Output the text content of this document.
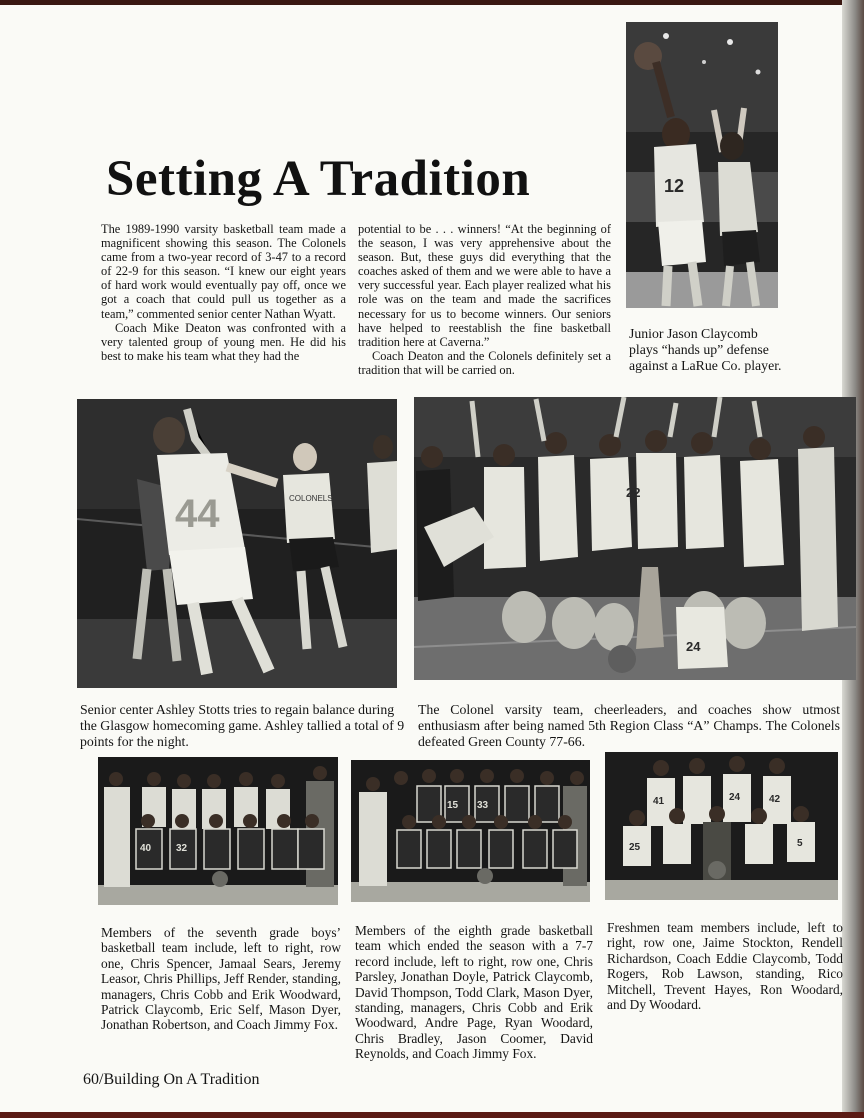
12
Setting A Tradition

The 1989-1990 varsity basketball team made a magnificent showing this season. The Colonels came from a two-year record of 3-47 to a record of 22-9 for this season. “I knew our eight years of hard work would eventually pay off, once we got a coach that could pull us together as a team,” commented senior center Nathan Wyatt.

Coach Mike Deaton was confronted with a very talented group of young men. He did his best to make his team what they had the

potential to be . . . winners! “At the beginning of the season, I was very apprehensive about the season. But, these guys did everything that the coaches asked of them and we were able to have a very successful year. Each player realized what his role was on the team and made the sacrifices necessary for us to become winners. Our seniors have helped to reestablish the fine basketball tradition here at Caverna.”

Coach Deaton and the Colonels definitely set a tradition that will be carried on.

Junior Jason Claycomb plays “hands up” defense against a LaRue Co. player.

44	COLONELS	22
24

Senior center Ashley Stotts tries to regain balance during the Glasgow homecoming game. Ashley tallied a total of 9 points for the night.

The Colonel varsity team, cheerleaders, and coaches show utmost enthusiasm after being named 5th Region Class “A” Champs. The Colonels defeated Green County 77-66.

40 32
15 33	41	24	42
25	5

Members of the seventh grade boys’ basketball team include, left to right, row one, Chris Spencer, Jamaal Sears, Jeremy Leasor, Chris Phillips, Jeff Render, standing, managers, Chris Cobb and Erik Woodward, Patrick Claycomb, Eric Self, Mason Dyer, Jonathan Robertson, and Coach Jimmy Fox.

Members of the eighth grade basketball team which ended the season with a 7-7 record include, left to right, row one, Chris Parsley, Jonathan Doyle, Patrick Claycomb, David Thompson, Todd Clark, Mason Dyer, standing, managers, Chris Cobb and Erik Woodward, Andre Page, Ryan Woodard, Chris Bradley, Jason Coomer, David Reynolds, and Coach Jimmy Fox.

Freshmen team members include, left to right, row one, Jaime Stockton, Rendell Richardson, Coach Eddie Claycomb, Todd Rogers, Rob Lawson, standing, Rico Mitchell, Trevent Hayes, Ron Woodard, and Dy Woodard.

60/Building On A Tradition
